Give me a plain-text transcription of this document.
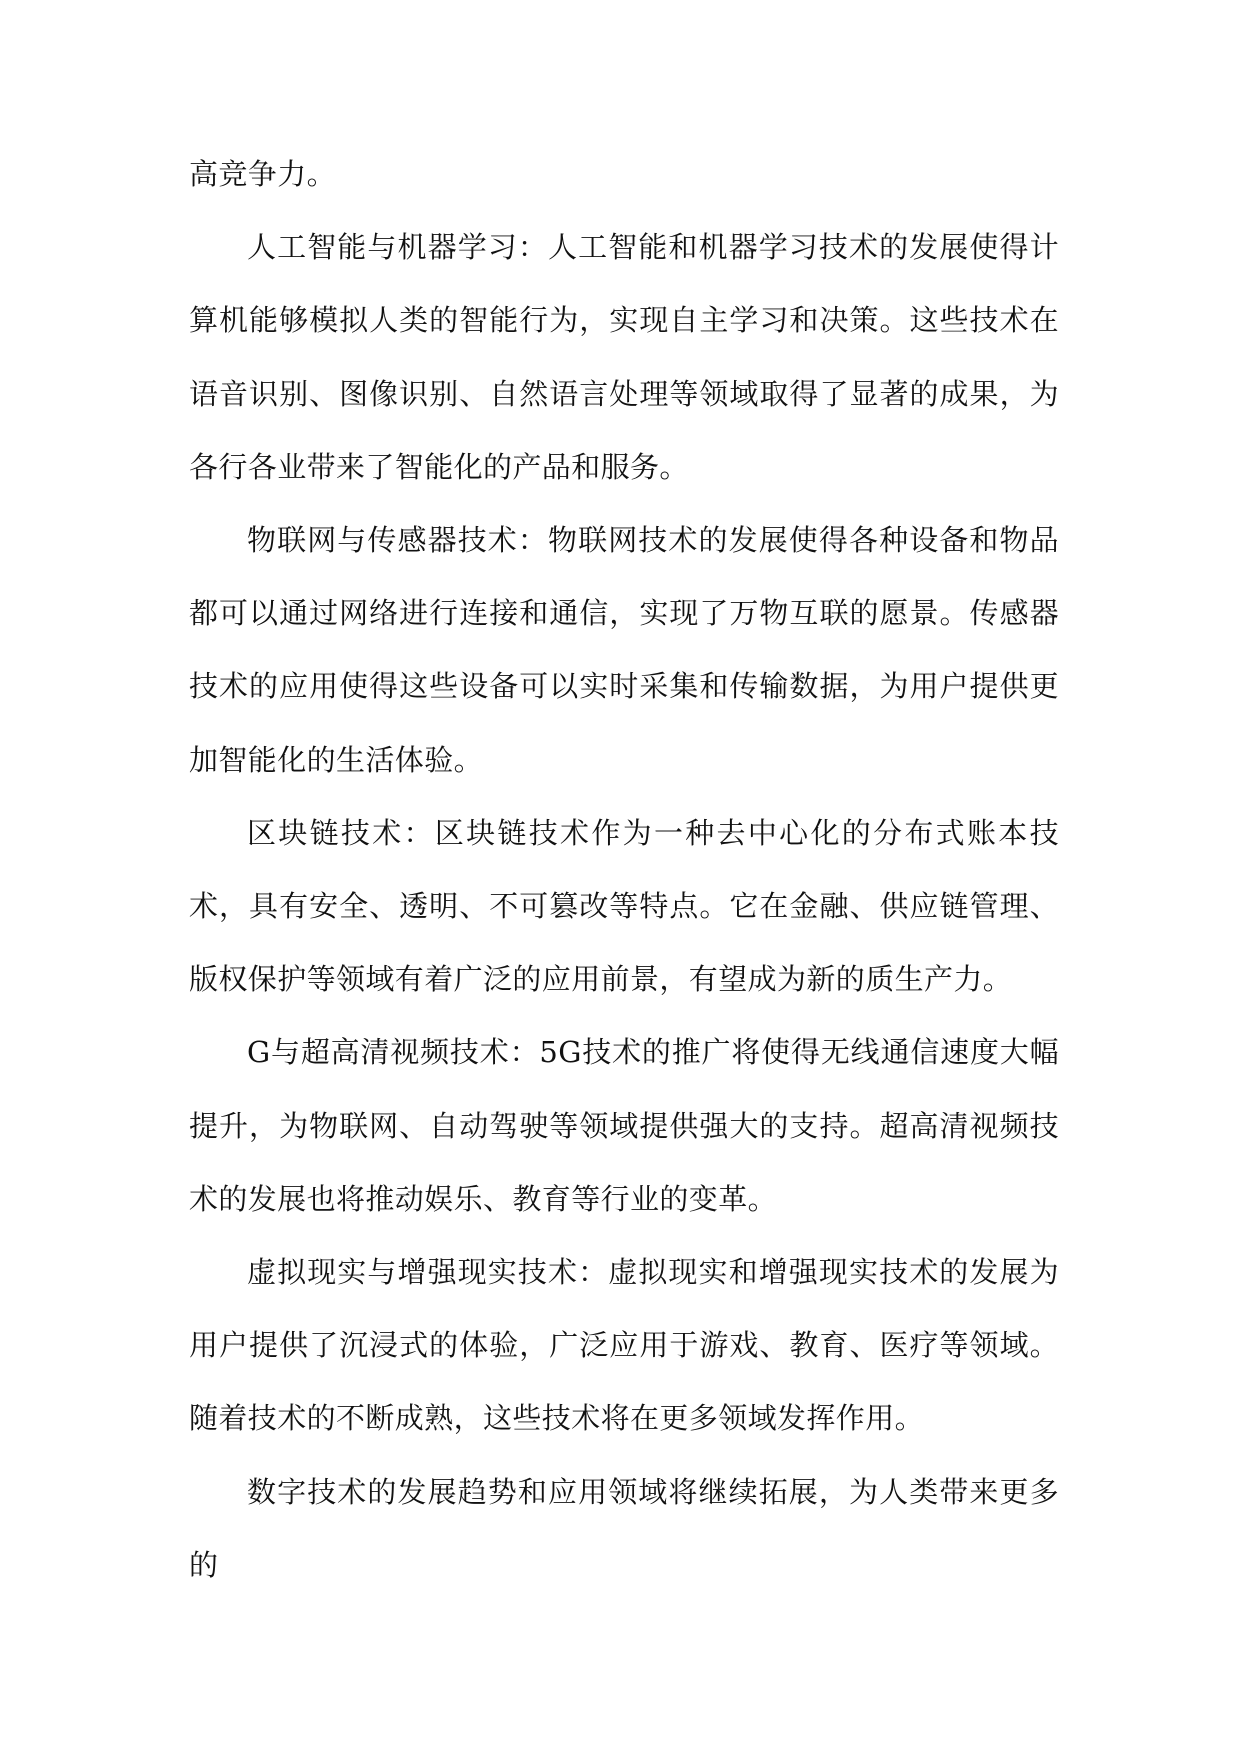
高竞争力。

人工智能与机器学习：人工智能和机器学习技术的发展使得计算机能够模拟人类的智能行为，实现自主学习和决策。这些技术在语音识别、图像识别、自然语言处理等领域取得了显著的成果，为各行各业带来了智能化的产品和服务。

物联网与传感器技术：物联网技术的发展使得各种设备和物品都可以通过网络进行连接和通信，实现了万物互联的愿景。传感器技术的应用使得这些设备可以实时采集和传输数据，为用户提供更加智能化的生活体验。

区块链技术：区块链技术作为一种去中心化的分布式账本技术，具有安全、透明、不可篡改等特点。它在金融、供应链管理、版权保护等领域有着广泛的应用前景，有望成为新的质生产力。

G与超高清视频技术：5G技术的推广将使得无线通信速度大幅提升，为物联网、自动驾驶等领域提供强大的支持。超高清视频技术的发展也将推动娱乐、教育等行业的变革。

虚拟现实与增强现实技术：虚拟现实和增强现实技术的发展为用户提供了沉浸式的体验，广泛应用于游戏、教育、医疗等领域。随着技术的不断成熟，这些技术将在更多领域发挥作用。

数字技术的发展趋势和应用领域将继续拓展，为人类带来更多的
